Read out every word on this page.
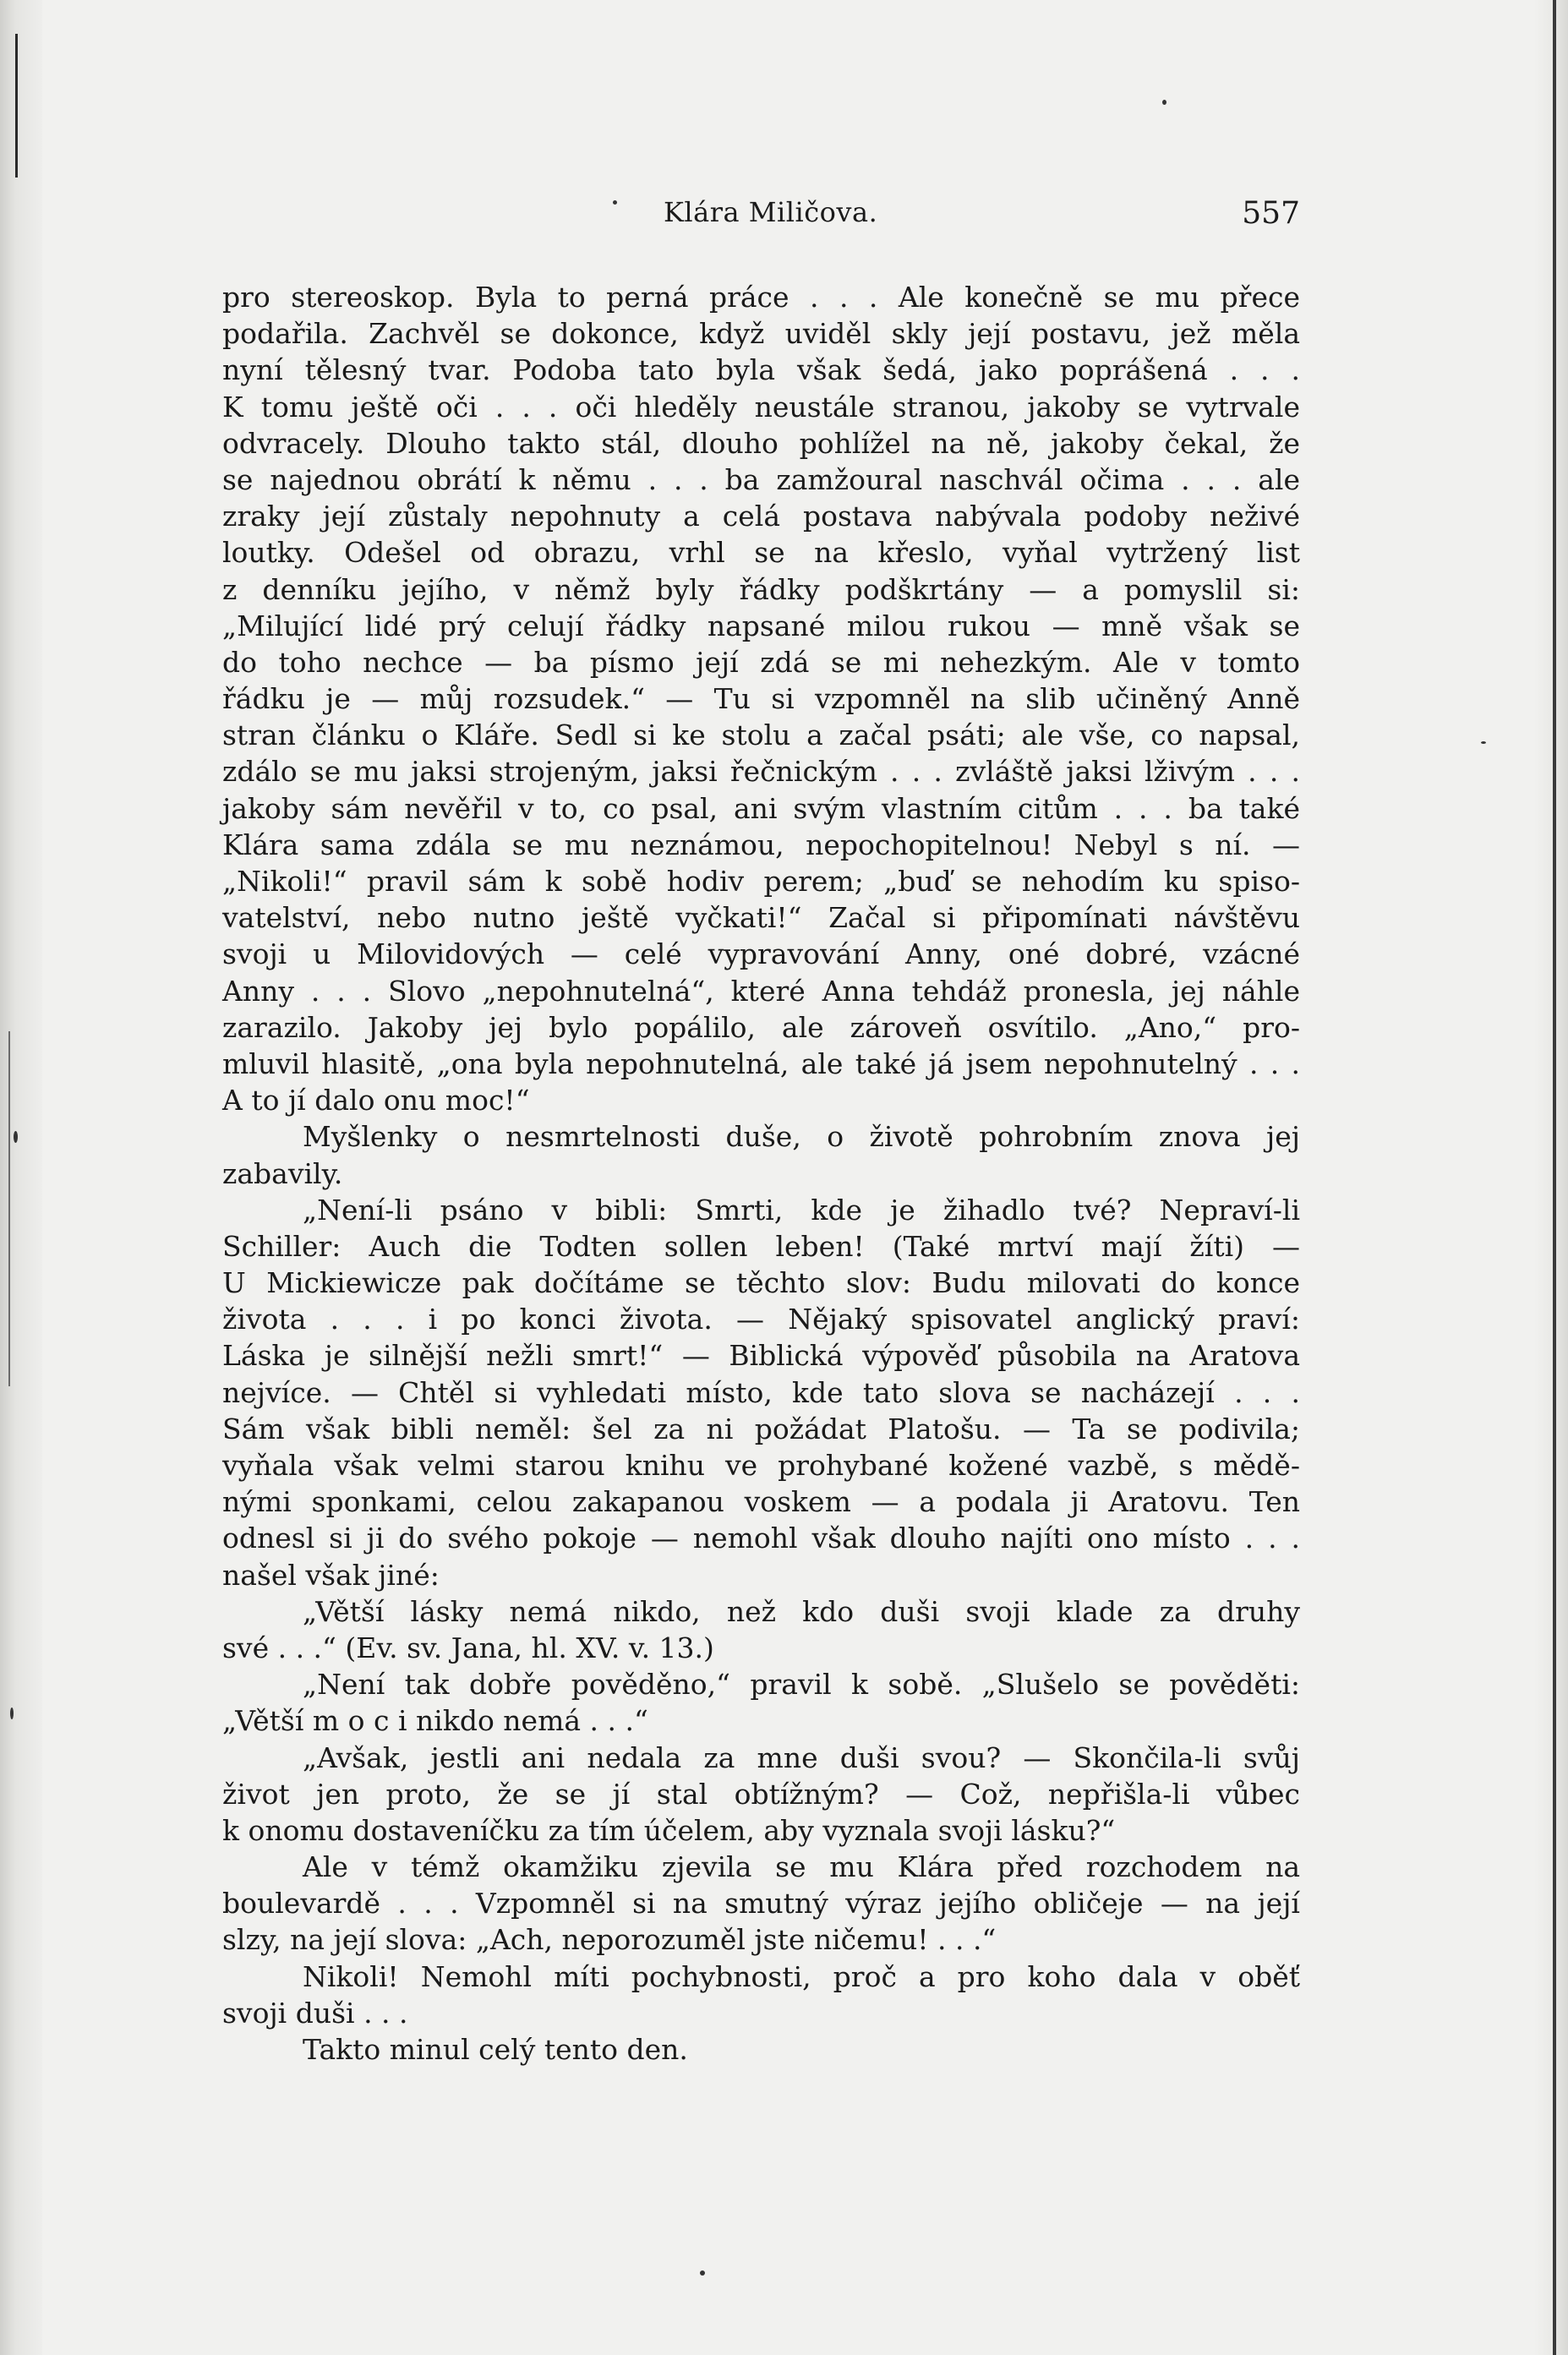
Klára Miličova.	557
pro stereoskop. Byla to perná práce . . . Ale konečně se mu přece
podařila. Zachvěl se dokonce, když uviděl skly její postavu, jež měla
nyní tělesný tvar. Podoba tato byla však šedá, jako poprášená . . .
K tomu ještě oči . . . oči hleděly neustále stranou, jakoby se vytrvale
odvracely. Dlouho takto stál, dlouho pohlížel na ně, jakoby čekal, že
se najednou obrátí k němu . . . ba zamžoural naschvál očima . . . ale
zraky její zůstaly nepohnuty a celá postava nabývala podoby neživé
loutky. Odešel od obrazu, vrhl se na křeslo, vyňal vytržený list
z denníku jejího, v němž byly řádky podškrtány — a pomyslil si:
„Milující lidé prý celují řádky napsané milou rukou — mně však se
do toho nechce — ba písmo její zdá se mi nehezkým. Ale v tomto
řádku je — můj rozsudek.“ — Tu si vzpomněl na slib učiněný Anně
stran článku o Kláře. Sedl si ke stolu a začal psáti; ale vše, co napsal,
zdálo se mu jaksi strojeným, jaksi řečnickým . . . zvláště jaksi lživým . . .
jakoby sám nevěřil v to, co psal, ani svým vlastním citům . . . ba také
Klára sama zdála se mu neznámou, nepochopitelnou! Nebyl s ní. —
„Nikoli!“ pravil sám k sobě hodiv perem; „buď se nehodím ku spiso-
vatelství, nebo nutno ještě vyčkati!“ Začal si připomínati návštěvu
svoji u Milovidových — celé vypravování Anny, oné dobré, vzácné
Anny . . . Slovo „nepohnutelná“, které Anna tehdáž pronesla, jej náhle
zarazilo. Jakoby jej bylo popálilo, ale zároveň osvítilo. „Ano,“ pro-
mluvil hlasitě, „ona byla nepohnutelná, ale také já jsem nepohnutelný . . .
A to jí dalo onu moc!“
Myšlenky o nesmrtelnosti duše, o životě pohrobním znova jej
zabavily.
„Není-li psáno v bibli: Smrti, kde je žihadlo tvé? Nepraví-li
Schiller: Auch die Todten sollen leben! (Také mrtví mají žíti) —
U Mickiewicze pak dočítáme se těchto slov: Budu milovati do konce
života . . . i po konci života. — Nějaký spisovatel anglický praví:
Láska je silnější nežli smrt!“ — Biblická výpověď působila na Aratova
nejvíce. — Chtěl si vyhledati místo, kde tato slova se nacházejí . . .
Sám však bibli neměl: šel za ni požádat Platošu. — Ta se podivila;
vyňala však velmi starou knihu ve prohybané kožené vazbě, s mědě-
nými sponkami, celou zakapanou voskem — a podala ji Aratovu. Ten
odnesl si ji do svého pokoje — nemohl však dlouho najíti ono místo . . .
našel však jiné:
„Větší lásky nemá nikdo, než kdo duši svoji klade za druhy
své . . .“ (Ev. sv. Jana, hl. XV. v. 13.)
„Není tak dobře pověděno,“ pravil k sobě. „Slušelo se pověděti:
„Větší m o c i nikdo nemá . . .“
„Avšak, jestli ani nedala za mne duši svou? — Skončila-li svůj
život jen proto, že se jí stal obtížným? — Což, nepřišla-li vůbec
k onomu dostaveníčku za tím účelem, aby vyznala svoji lásku?“
Ale v témž okamžiku zjevila se mu Klára před rozchodem na
boulevardě . . . Vzpomněl si na smutný výraz jejího obličeje — na její
slzy, na její slova: „Ach, neporozuměl jste ničemu! . . .“
Nikoli! Nemohl míti pochybnosti, proč a pro koho dala v oběť
svoji duši . . .
Takto minul celý tento den.
